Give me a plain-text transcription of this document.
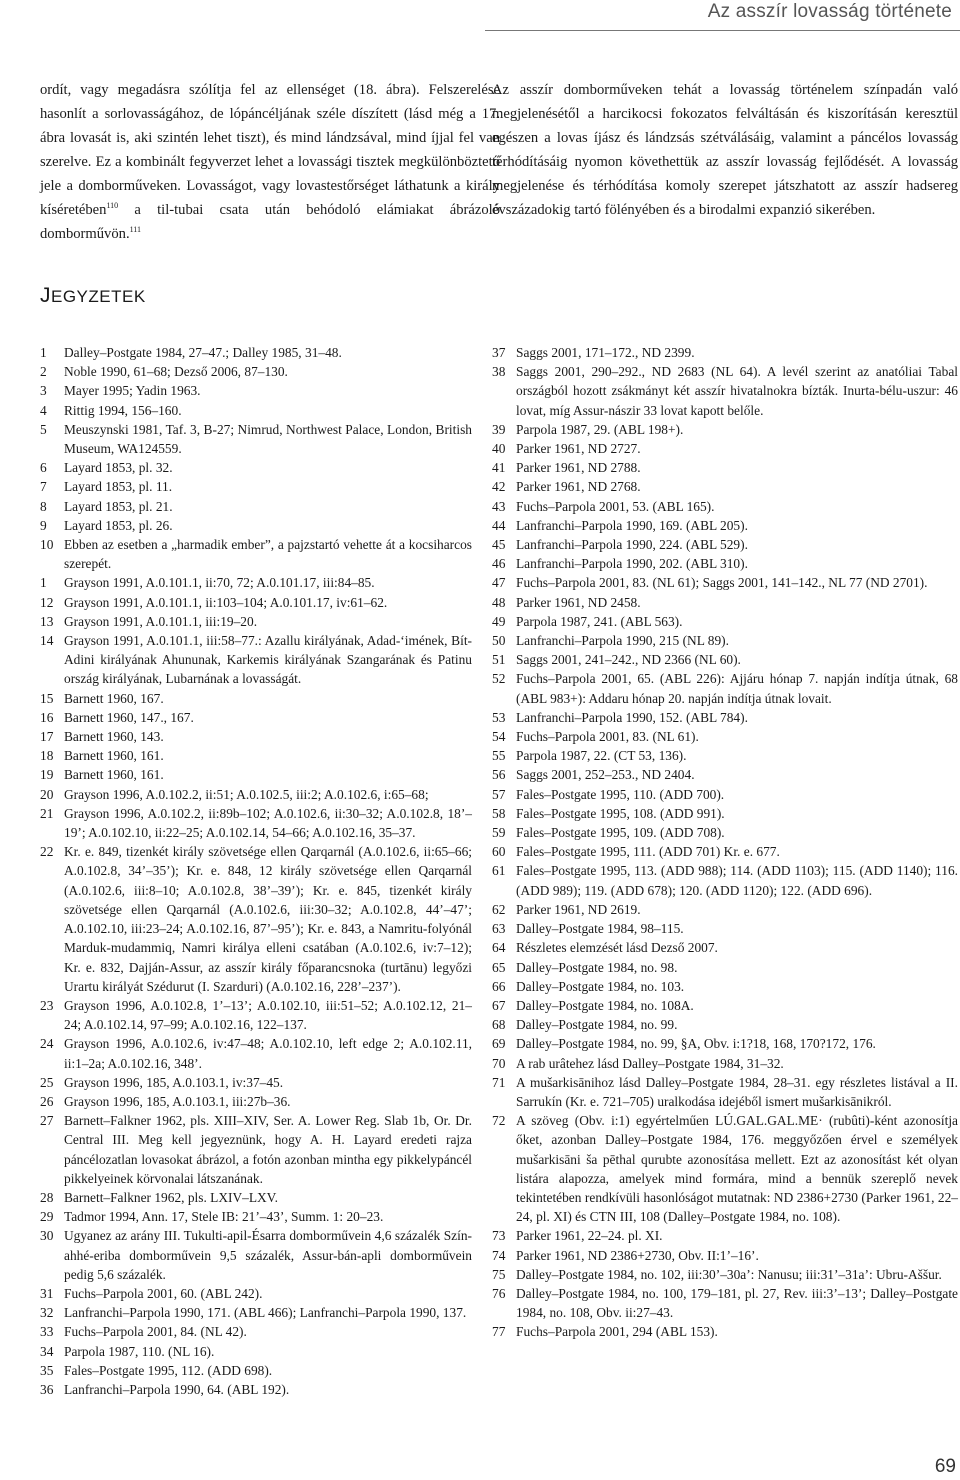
Az asszír lovasság története

ordít, vagy megadásra szólítja fel az ellenséget (18. ábra). Felszerelése hasonlít a sorlovasságához, de lópáncéljának széle díszített (lásd még a 17. ábra lovasát is, aki szintén lehet tiszt), és mind lándzsával, mind íjjal fel van szerelve. Ez a kombinált fegyverzet lehet a lovassági tisztek megkülönböztető jele a domborműveken. Lovasságot, vagy lovastestőrséget láthatunk a király kíséretében$^{110}$ a til-tubai csata után behódoló elámiakat ábrázoló domborművön.$^{111}$

Az asszír domborműveken tehát a lovasság történelem színpadán való megjelenésétől a harcikocsi fokozatos felváltásán és kiszorításán keresztül egészen a lovas íjász és lándzsás szétválásáig, valamint a páncélos lovasság térhódításáig nyomon követhettük az asszír lovasság fejlődését. A lovasság megjelenése és térhódítása komoly szerepet játszhatott az asszír hadsereg évszázadokig tartó fölényében és a birodalmi expanzió sikerében.

JEGYZETEK
1	Dalley–Postgate 1984, 27–47.; Dalley 1985, 31–48.
2	Noble 1990, 61–68; Dezső 2006, 87–130.
3	Mayer 1995; Yadin 1963.
4	Rittig 1994, 156–160.
5	Meuszynski 1981, Taf. 3, B-27; Nimrud, Northwest Palace, London, British Museum, WA124559.
6	Layard 1853, pl. 32.
7	Layard 1853, pl. 11.
8	Layard 1853, pl. 21.
9	Layard 1853, pl. 26.
10 Ebben az esetben a „harmadik ember”, a pajzstartó vehette át a kocsiharcos szerepét.
1	Grayson 1991, A.0.101.1, ii:70, 72; A.0.101.17, iii:84–85.
12 Grayson 1991, A.0.101.1, ii:103–104; A.0.101.17, iv:61–62.
13 Grayson 1991, A.0.101.1, iii:19–20.
14 Grayson 1991, A.0.101.1, iii:58–77.: Azallu királyának, Adad-‘imének, Bít-Adini királyának Ahununak, Karkemis királyának Szangarának és Patinu ország királyának, Lubarnának a lovasságát.
15 Barnett 1960, 167.
16 Barnett 1960, 147., 167.
17 Barnett 1960, 143.
18 Barnett 1960, 161.
19 Barnett 1960, 161.
20 Grayson 1996, A.0.102.2, ii:51; A.0.102.5, iii:2; A.0.102.6, i:65–68;
21 Grayson 1996, A.0.102.2, ii:89b–102; A.0.102.6, ii:30–32; A.0.102.8, 18’–19’; A.0.102.10, ii:22–25; A.0.102.14, 54–66; A.0.102.16, 35–37.
22 Kr. e. 849, tizenkét király szövetsége ellen Qarqarnál (A.0.102.6, ii:65–66; A.0.102.8, 34’–35’); Kr. e. 848, 12 király szövetsége ellen Qarqarnál (A.0.102.6, iii:8–10; A.0.102.8, 38’–39’); Kr. e. 845, tizenkét király szövetsége ellen Qarqarnál (A.0.102.6, iii:30–32; A.0.102.8, 44’–47’; A.0.102.10, iii:23–24; A.0.102.16, 87’–95’); Kr. e. 843, a Namritu-folyónál Marduk-mudammiq, Namri királya elleni csatában (A.0.102.6, iv:7–12); Kr. e. 832, Dajján-Assur, az asszír király főparancsnoka (turtānu) legyőzi Urartu királyát Szédurut (I. Szarduri) (A.0.102.16, 228’–237’).
23 Grayson 1996, A.0.102.8, 1’–13’; A.0.102.10, iii:51–52; A.0.102.12, 21–24; A.0.102.14, 97–99; A.0.102.16, 122–137.
24 Grayson 1996, A.0.102.6, iv:47–48; A.0.102.10, left edge 2; A.0.102.11, ii:1–2a; A.0.102.16, 348’.
25 Grayson 1996, 185, A.0.103.1, iv:37–45.
26 Grayson 1996, 185, A.0.103.1, iii:27b–36.
27 Barnett–Falkner 1962, pls. XIII–XIV, Ser. A. Lower Reg. Slab 1b, Or. Dr. Central III. Meg kell jegyeznünk, hogy A. H. Layard eredeti rajza páncélozatlan lovasokat ábrázol, a fotón azonban mintha egy pikkelypáncél pikkelyeinek körvonalai látszanának.
28 Barnett–Falkner 1962, pls. LXIV–LXV.
29 Tadmor 1994, Ann. 17, Stele IB: 21’–43’, Summ. 1: 20–23.
30 Ugyanez az arány III. Tukulti-apil-Ésarra domborművein 4,6 százalék Szín-ahhé-eriba domborművein 9,5 százalék, Assur-bán-apli domborművein pedig 5,6 százalék.
31 Fuchs–Parpola 2001, 60. (ABL 242).
32 Lanfranchi–Parpola 1990, 171. (ABL 466); Lanfranchi–Parpola 1990, 137.
33 Fuchs–Parpola 2001, 84. (NL 42).
34 Parpola 1987, 110. (NL 16).
35 Fales–Postgate 1995, 112. (ADD 698).
36 Lanfranchi–Parpola 1990, 64. (ABL 192).
37 Saggs 2001, 171–172., ND 2399.
38 Saggs 2001, 290–292., ND 2683 (NL 64). A levél szerint az anatóliai Tabal országból hozott zsákmányt két asszír hivatalnokra bízták. Inurta-bélu-uszur: 46 lovat, míg Assur-nászir 33 lovat kapott belőle.
39 Parpola 1987, 29. (ABL 198+).
40 Parker 1961, ND 2727.
41 Parker 1961, ND 2788.
42 Parker 1961, ND 2768.
43 Fuchs–Parpola 2001, 53. (ABL 165).
44 Lanfranchi–Parpola 1990, 169. (ABL 205).
45 Lanfranchi–Parpola 1990, 224. (ABL 529).
46 Lanfranchi–Parpola 1990, 202. (ABL 310).
47 Fuchs–Parpola 2001, 83. (NL 61); Saggs 2001, 141–142., NL 77 (ND 2701).
48 Parker 1961, ND 2458.
49 Parpola 1987, 241. (ABL 563).
50 Lanfranchi–Parpola 1990, 215 (NL 89).
51 Saggs 2001, 241–242., ND 2366 (NL 60).
52 Fuchs–Parpola 2001, 65. (ABL 226): Ajjáru hónap 7. napján indítja útnak, 68 (ABL 983+): Addaru hónap 20. napján indítja útnak lovait.
53 Lanfranchi–Parpola 1990, 152. (ABL 784).
54 Fuchs–Parpola 2001, 83. (NL 61).
55 Parpola 1987, 22. (CT 53, 136).
56 Saggs 2001, 252–253., ND 2404.
57 Fales–Postgate 1995, 110. (ADD 700).
58 Fales–Postgate 1995, 108. (ADD 991).
59 Fales–Postgate 1995, 109. (ADD 708).
60 Fales–Postgate 1995, 111. (ADD 701) Kr. e. 677.
61 Fales–Postgate 1995, 113. (ADD 988); 114. (ADD 1103); 115. (ADD 1140); 116. (ADD 989); 119. (ADD 678); 120. (ADD 1120); 122. (ADD 696).
62 Parker 1961, ND 2619.
63 Dalley–Postgate 1984, 98–115.
64 Részletes elemzését lásd Dezső 2007.
65 Dalley–Postgate 1984, no. 98.
66 Dalley–Postgate 1984, no. 103.
67 Dalley–Postgate 1984, no. 108A.
68 Dalley–Postgate 1984, no. 99.
69 Dalley–Postgate 1984, no. 99, §A, Obv. i:1?18, 168, 170?172, 176.
70 A rab urâtehez lásd Dalley–Postgate 1984, 31–32.
71 A mušarkisānihoz lásd Dalley–Postgate 1984, 28–31. egy részletes listával a II. Sarrukín (Kr. e. 721–705) uralkodása idejéből ismert mušarkisānikról.
72 A szöveg (Obv. i:1) egyértelműen LÚ.GAL.GAL.ME· (rubûti)-ként azonosítja őket, azonban Dalley–Postgate 1984, 176. meggyőzően érvel e személyek mušarkisāni ša pēthal qurubte azonosítása mellett. Ezt az azonosítást két olyan listára alapozza, amelyek mind formára, mind a bennük szereplő nevek tekintetében rendkívüli hasonlóságot mutatnak: ND 2386+2730 (Parker 1961, 22–24, pl. XI) és CTN III, 108 (Dalley–Postgate 1984, no. 108).
73 Parker 1961, 22–24. pl. XI.
74 Parker 1961, ND 2386+2730, Obv. II:1’–16’.
75 Dalley–Postgate 1984, no. 102, iii:30’–30a’: Nanusu; iii:31’–31a’: Ubru-Aššur.
76 Dalley–Postgate 1984, no. 100, 179–181, pl. 27, Rev. iii:3’–13’; Dalley–Postgate 1984, no. 108, Obv. ii:27–43.
77 Fuchs–Parpola 2001, 294 (ABL 153).
69
